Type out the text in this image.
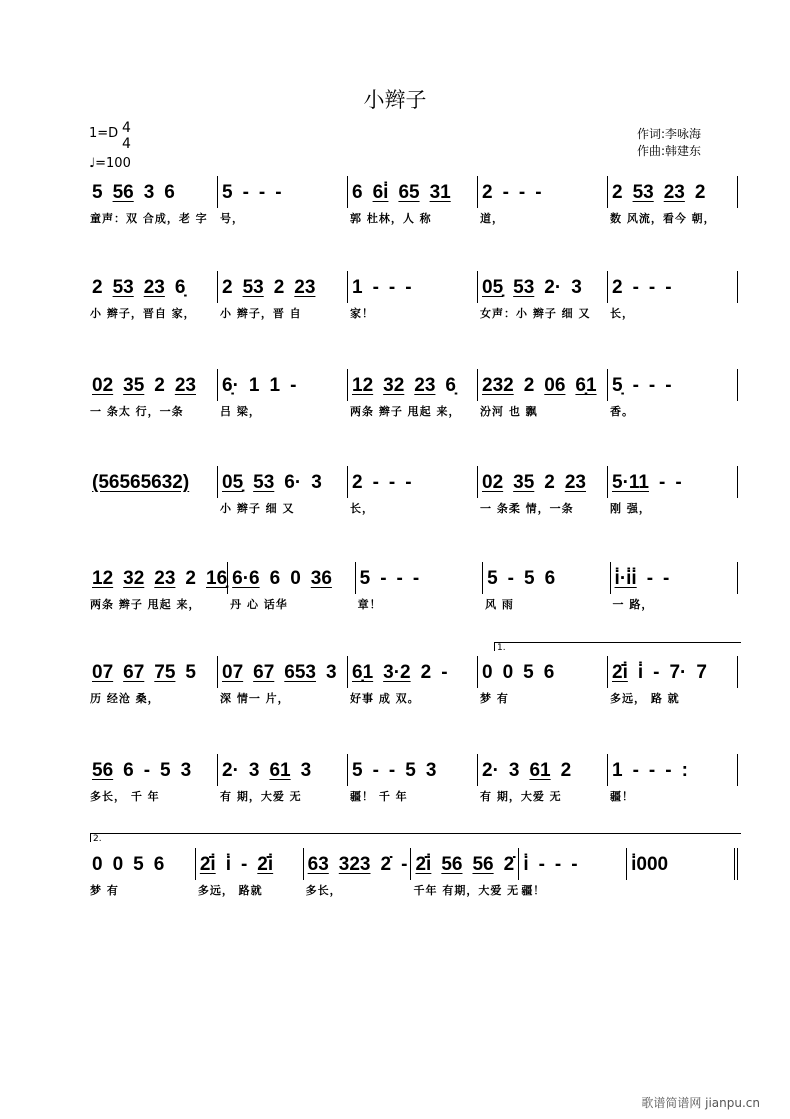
小辫子
1=D 4
4
♩=100
作词:李咏海
作曲:韩建东
5 56 3 6
童声：双 合成，老 字
5 - - -
号，
6 6i̇ 65 31
郭 杜林，人 称
2 - - -
道，
2 53 23 2
数 风流，看今 朝，
2 53 23 6̣
小 辫子，晋自 家，
2 53 2 23
小 辫子，晋 自
1 - - -
家！
05̣ 53 2· 3
女声：小 辫子 细 又
2 - - -
长，
02 35 2 23
一 条太 行，一条
6̣· 1 1 -
吕 梁，
12 32 23 6̣
两条 辫子 甩起 来，
232 2 06 6̣1
汾河 也 飘
5̣ - - -
香。
(56565632) 05̣ 53 6· 3
小 辫子 细 又
2 - - -
长，
02 35 2 23
一 条柔 情，一条
5·11 - -
刚 强，
12 32 23 2 16̣
两条 辫子 甩起 来，
6·6 6 0 36
丹 心 话华
5 - - -
章！
5 - 5 6
风 雨
i̇·i̇i̇ - -
一 路，
07 67 75 5
历 经沧 桑，
07 67 653 3
深 情一 片，
6̣1 3·2 2 -
好事 成 双。
0 0 5 6
梦 有
2̇i̇ i̇ - 7· 7
多远， 路 就
56 6 - 5 3
多长， 千 年
2· 3 61 3
有 期，大爱 无
5 - - 5 3
疆！ 千 年
2· 3 61 2
有 期，大爱 无
1 - - - :
疆！
0 0 5 6
梦 有
2̇i̇ i̇ - 2̇i̇
多远， 路就
63 323 2̇ -
多长，
2̇i̇ 56 56 2̇
千年 有期，大爱 无
i̇ - - -
疆！
i̇000
1.
2.
歌谱简谱网 jianpu.cn
